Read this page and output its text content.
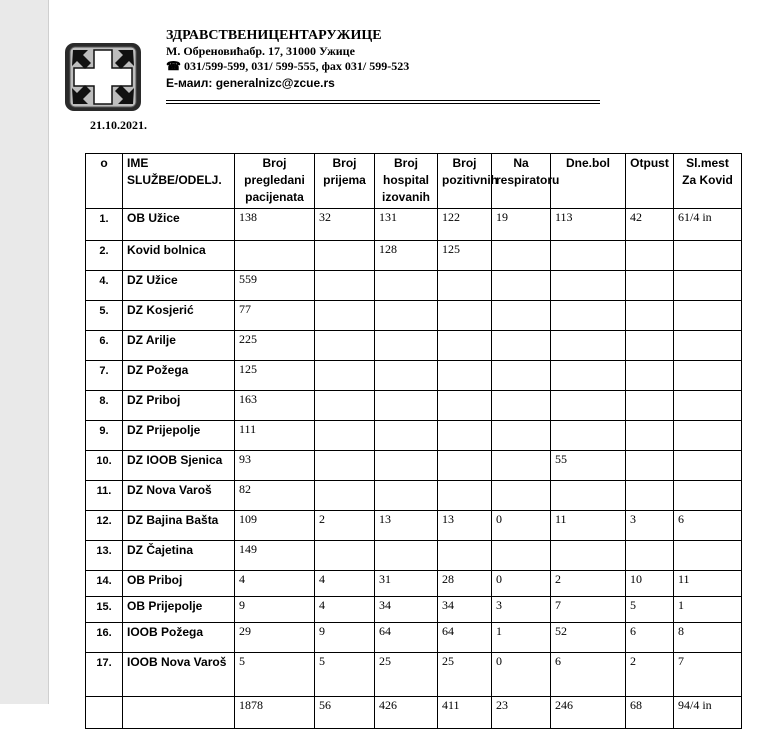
ЗДРАВСТВЕНИЦЕНТАРУЖИЦЕ
М. Обреновићабр. 17, 31000 Ужице
☎ 031/599-599, 031/ 599-555, фах 031/ 599-523
Е-маил: generalnizc@zcue.rs
21.10.2021.
o	IME SLUŽBE/ODELJ.	Broj pregledani pacijenata	Broj prijema	Broj hospital izovanih	Broj pozitivnih	Na respiratoru	Dne.bol	Otpust	Sl.mest Za Kovid
1.	OB Užice	138	32	131	122	19	113	42	61/4 in
2.	Kovid bolnica			128	125				
4.	DZ Užice	559							
5.	DZ Kosjerić	77							
6.	DZ Arilje	225							
7.	DZ Požega	125							
8.	DZ Priboj	163							
9.	DZ Prijepolje	111							
10.	DZ IOOB Sjenica	93					55		
11.	DZ Nova Varoš	82							
12.	DZ Bajina Bašta	109	2	13	13	0	11	3	6
13.	DZ Čajetina	149							
14.	OB Priboj	4	4	31	28	0	2	10	11
15.	OB Prijepolje	9	4	34	34	3	7	5	1
16.	IOOB Požega	29	9	64	64	1	52	6	8
17.	IOOB Nova Varoš	5	5	25	25	0	6	2	7
		1878	56	426	411	23	246	68	94/4 in
